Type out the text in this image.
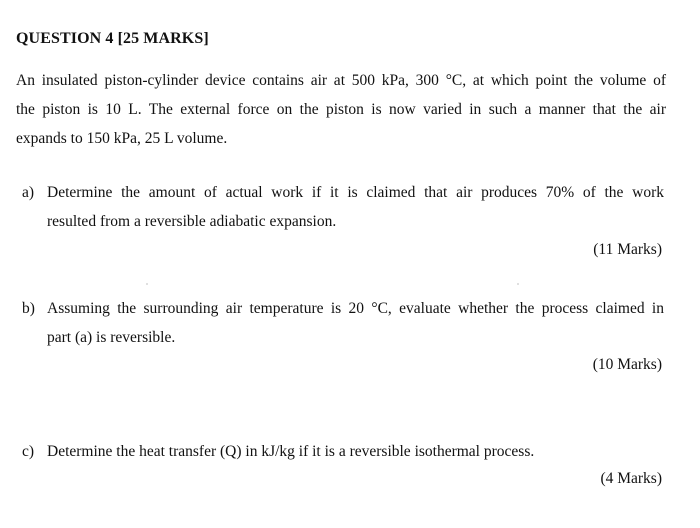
QUESTION 4 [25 MARKS]
An insulated piston-cylinder device contains air at 500 kPa, 300 °C, at which point the volume of
the piston is 10 L. The external force on the piston is now varied in such a manner that the air
expands to 150 kPa, 25 L volume.
a) Determine the amount of actual work if it is claimed that air produces 70% of the work
resulted from a reversible adiabatic expansion.
(11 Marks)
b) Assuming the surrounding air temperature is 20 °C, evaluate whether the process claimed in
part (a) is reversible.
(10 Marks)
c) Determine the heat transfer (Q) in kJ/kg if it is a reversible isothermal process.
(4 Marks)
